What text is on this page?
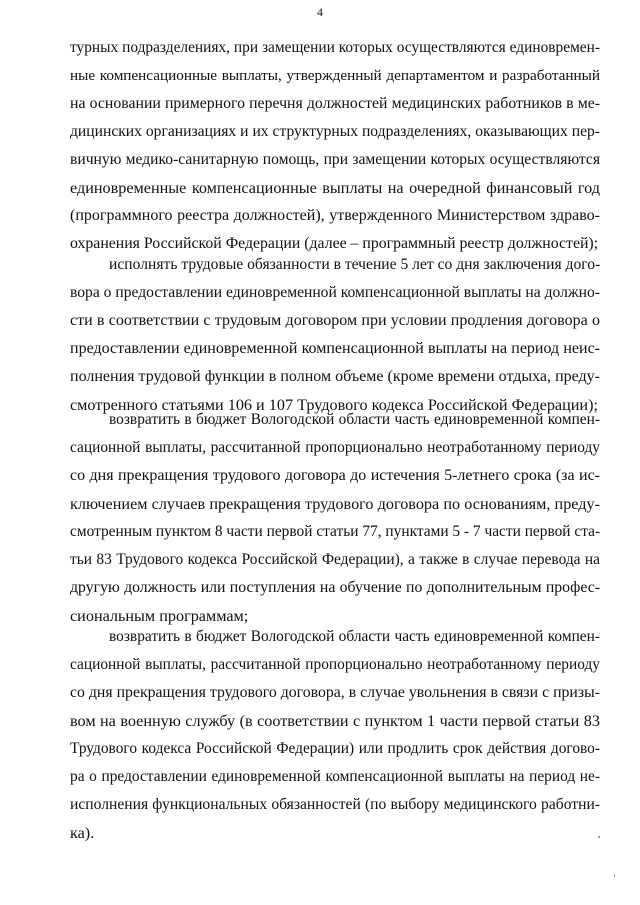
4
турных подразделениях, при замещении которых осуществляются единовремен-
ные компенсационные выплаты, утвержденный департаментом и разработанный
на основании примерного перечня должностей медицинских работников в ме-
дицинских организациях и их структурных подразделениях, оказывающих пер-
вичную медико-санитарную помощь, при замещении которых осуществляются
единовременные компенсационные выплаты на очередной финансовый год
(программного реестра должностей), утвержденного Министерством здраво-
охранения Российской Федерации (далее – программный реестр должностей);
исполнять трудовые обязанности в течение 5 лет со дня заключения дого-
вора о предоставлении единовременной компенсационной выплаты на должно-
сти в соответствии с трудовым договором при условии продления договора о
предоставлении единовременной компенсационной выплаты на период неис-
полнения трудовой функции в полном объеме (кроме времени отдыха, преду-
смотренного статьями 106 и 107 Трудового кодекса Российской Федерации);
возвратить в бюджет Вологодской области часть единовременной компен-
сационной выплаты, рассчитанной пропорционально неотработанному периоду
со дня прекращения трудового договора до истечения 5-летнего срока (за ис-
ключением случаев прекращения трудового договора по основаниям, преду-
смотренным пунктом 8 части первой статьи 77, пунктами 5 - 7 части первой ста-
тьи 83 Трудового кодекса Российской Федерации), а также в случае перевода на
другую должность или поступления на обучение по дополнительным профес-
сиональным программам;
возвратить в бюджет Вологодской области часть единовременной компен-
сационной выплаты, рассчитанной пропорционально неотработанному периоду
со дня прекращения трудового договора, в случае увольнения в связи с призы-
вом на военную службу (в соответствии с пунктом 1 части первой статьи 83
Трудового кодекса Российской Федерации) или продлить срок действия догово-
ра о предоставлении единовременной компенсационной выплаты на период не-
исполнения функциональных обязанностей (по выбору медицинского работни-
ка).
